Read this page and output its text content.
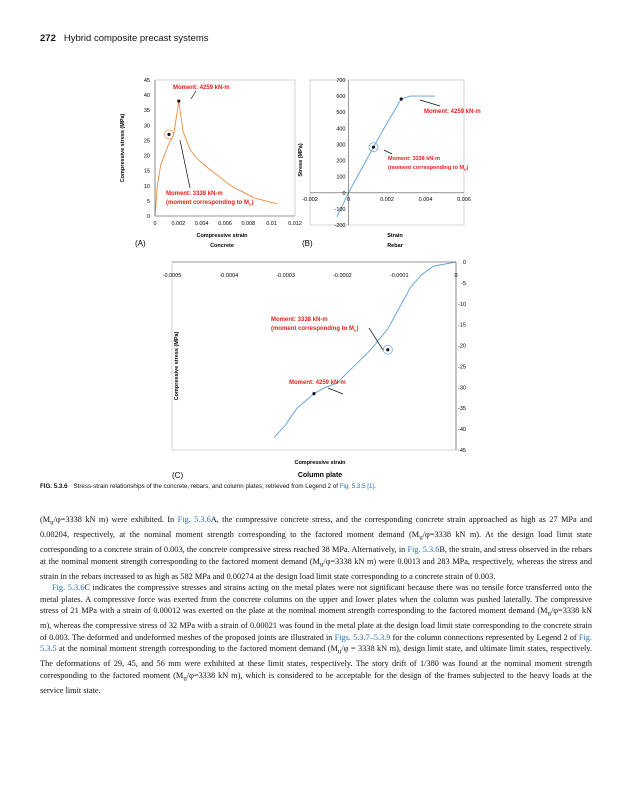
272 Hybrid composite precast systems
Compressive stress (MPa)
Compressive strain
Concrete
(A)
0	0.002 0.004 0.006 0.008 0.01 0.012
0
5
10
15
20
25
30
35
40
45
Moment: 4259 kN-m
Moment: 3338 kN-m
(moment corresponding to $M_u$)
Stress (MPa)
Strain
Rebar
(B)
-0.002	0	0.002	0.004	0.006
-200
-100
0
100
200
300
400
500
600
700
Moment: 4259 kN-m
Moment: 3338 kN-m
(moment corresponding to $M_u$)
Compressive stress (MPa)
Compressive strain
Column plate
(C)
-0.0005	-0.0004	-0.0003	-0.0002	-0.0001	0
0
-5
-10
-15
-20
-25
-30
-35
-40
-45
Moment: 3338 kN-m
(moment corresponding to $M_u$)
Moment: 4259 kN-m
FIG. 5.3.6 Stress-strain relationships of the concrete, rebars, and column plates; retrieved from Legend 2 of Fig. 5.3.5 [1].

($M_u/\varphi=3338$ kN m) were exhibited. In Fig. 5.3.6A, the compressive concrete stress, and the corresponding concrete strain approached as high as 27 MPa and 0.00204, respectively, at the nominal moment strength corresponding to the factored moment demand ($M_u/\varphi=3338$ kN m). At the design load limit state corresponding to a concrete strain of 0.003, the concrete compressive stress reached 38 MPa. Alternatively, in Fig. 5.3.6B, the strain, and stress observed in the rebars at the nominal moment strength corresponding to the factored moment demand ($M_u/\varphi=3338$ kN m) were 0.0013 and 283 MPa, respectively, whereas the stress and strain in the rebars increased to as high as 582 MPa and 0.00274 at the design load limit state corresponding to a concrete strain of 0.003.

Fig. 5.3.6C indicates the compressive stresses and strains acting on the metal plates were not significant because there was no tensile force transferred onto the metal plates. A compressive force was exerted from the concrete columns on the upper and lower plates when the column was pushed laterally. The compressive stress of 21 MPa with a strain of 0.00012 was exerted on the plate at the nominal moment strength corresponding to the factored moment demand ($M_u/\varphi=3338$ kN m), whereas the compressive stress of 32 MPa with a strain of 0.00021 was found in the metal plate at the design load limit state corresponding to the concrete strain of 0.003. The deformed and undeformed meshes of the proposed joints are illustrated in Figs. 5.3.7–5.3.9 for the column connections represented by Legend 2 of Fig. 5.3.5 at the nominal moment strength corresponding to the factored moment demand ($M_u/\varphi = 3338$ kN m), design limit state, and ultimate limit states, respectively. The deformations of 29, 45, and 56 mm were exhibited at these limit states, respectively. The story drift of 1/380 was found at the nominal moment strength corresponding to the factored moment ($M_u/\varphi=3338$ kN m), which is considered to be acceptable for the design of the frames subjected to the heavy loads at the service limit state.
